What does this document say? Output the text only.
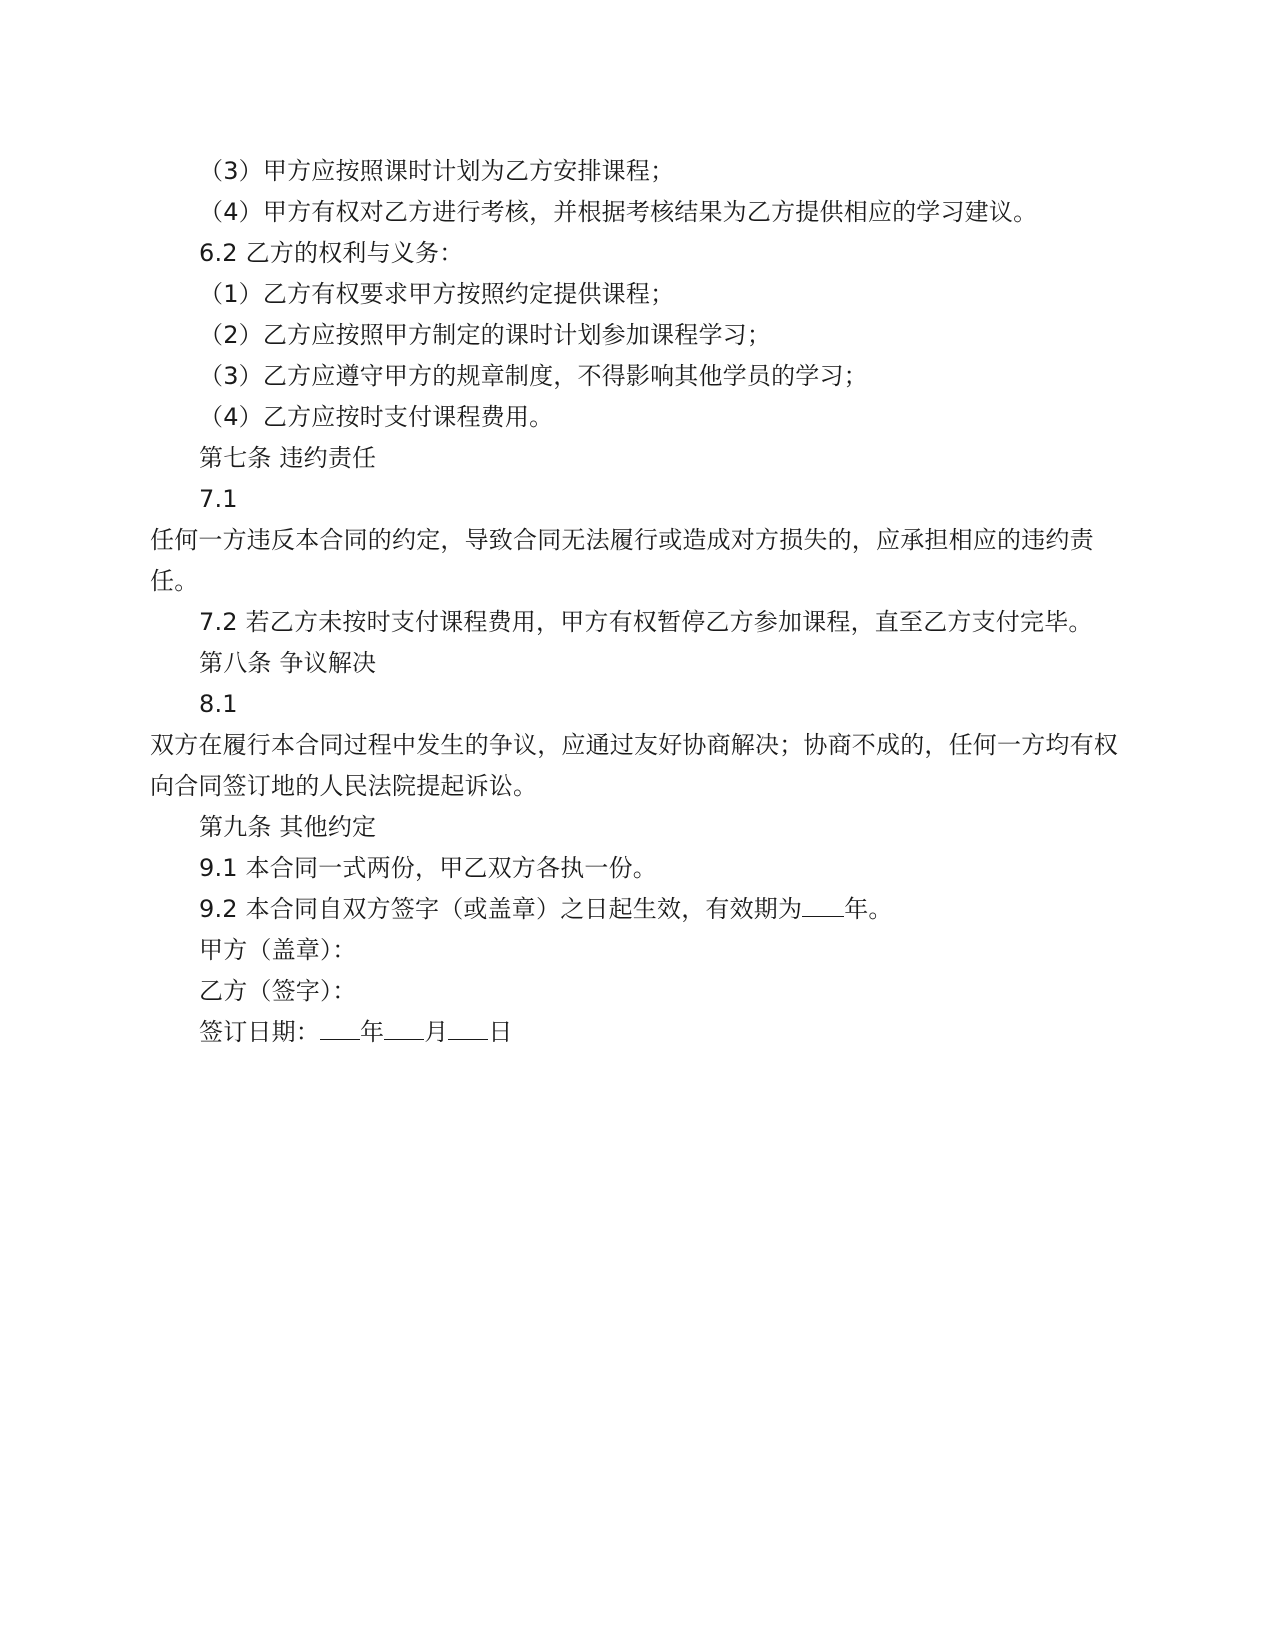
（3）甲方应按照课时计划为乙方安排课程；
（4）甲方有权对乙方进行考核，并根据考核结果为乙方提供相应的学习建议。
6.2 乙方的权利与义务：
（1）乙方有权要求甲方按照约定提供课程；
（2）乙方应按照甲方制定的课时计划参加课程学习；
（3）乙方应遵守甲方的规章制度，不得影响其他学员的学习；
（4）乙方应按时支付课程费用。
第七条 违约责任
7.1
任何一方违反本合同的约定，导致合同无法履行或造成对方损失的，应承担相应的违约责任。
7.2 若乙方未按时支付课程费用，甲方有权暂停乙方参加课程，直至乙方支付完毕。
第八条 争议解决
8.1
双方在履行本合同过程中发生的争议，应通过友好协商解决；协商不成的，任何一方均有权向合同签订地的人民法院提起诉讼。
第九条 其他约定
9.1 本合同一式两份，甲乙双方各执一份。
9.2 本合同自双方签字（或盖章）之日起生效，有效期为 年。
甲方（盖章）：
乙方（签字）：
签订日期： 年 月 日
